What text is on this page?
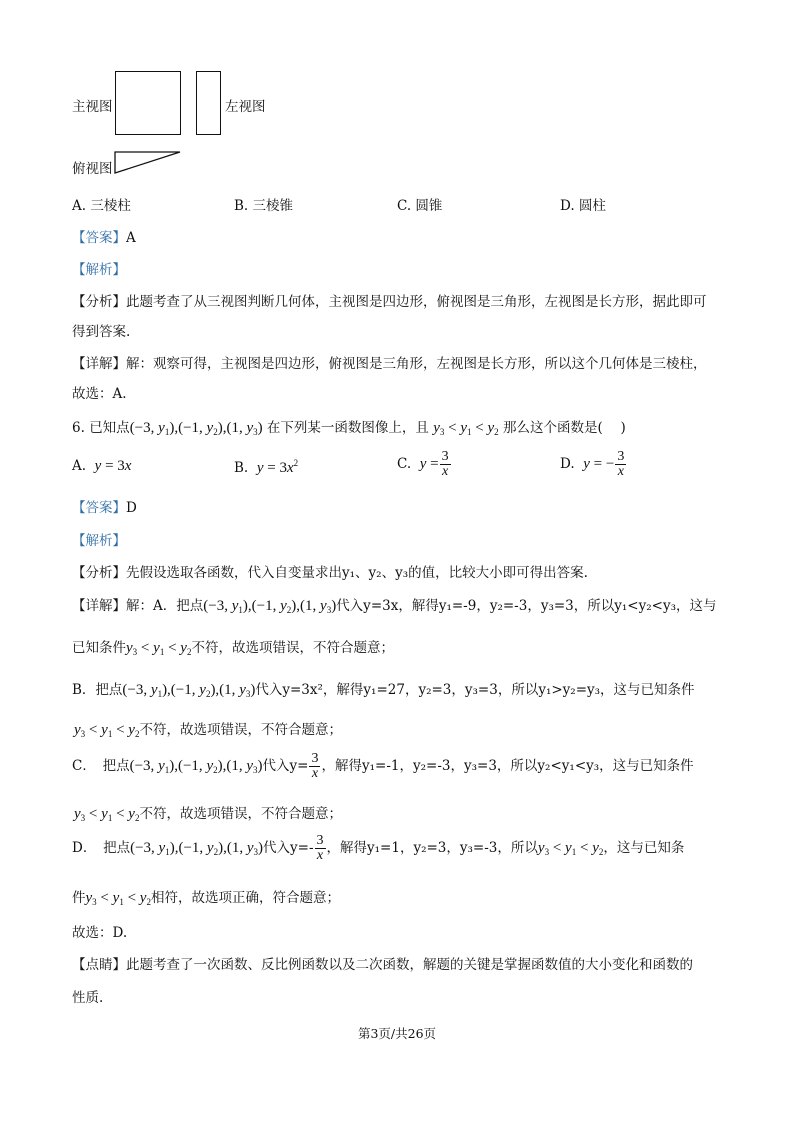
主视图	左视图
俯视图
A. 三棱柱	B. 三棱锥	C. 圆锥	D. 圆柱
【答案】A
【解析】
【分析】此题考查了从三视图判断几何体，主视图是四边形，俯视图是三角形，左视图是长方形，据此即可
得到答案.
【详解】解：观察可得，主视图是四边形，俯视图是三角形，左视图是长方形，所以这个几何体是三棱柱，
故选：A.
6. 已知点(−3, $y_1),(-1$, $y_2),(1$, $y_3$) 在下列某一函数图像上，且 $y_3 < y_1 < y_2$ 那么这个函数是(　 )
A. y = 3x	B. $y = 3x^2$	C. $y = \frac{3}{x}$	D. y = − $\frac{3}{x}$
【答案】D
【解析】
【分析】先假设选取各函数，代入自变量求出y₁、y₂、y₃的值，比较大小即可得出答案.
【详解】解：A．把点(−3, $y_1),(-1$, $y_2),(1$, $y_3$)代入y=3x，解得y₁=-9，y₂=-3，y₃=3，所以y₁<y₂<y₃，这与
已知条件$y_3 < y_1 < y_2$不符，故选项错误，不符合题意；
B．把点(−3, $y_1),(-1$, $y_2),(1$, $y_3$)代入y=3x²，解得y₁=27，y₂=3，y₃=3，所以y₁>y₂=y₃，这与已知条件
$y_3 < y_1 < y_2$不符，故选项错误，不符合题意；
C．　把点(−3, $y_1),(-1$, $y_2),(1$, $y_3$)代入$y= \frac{3}{x}$ ，解得y₁=-1，y₂=-3，y₃=3，所以y₂<y₁<y₃，这与已知条件
$y_3 < y_1 < y_2$不符，故选项错误，不符合题意；
D．　把点(−3, $y_1),(-1$, $y_2),(1$, $y_3$)代入$y=- \frac{3}{x}$ ，解得y₁=1，y₂=3，y₃=-3，所以$y_3 < y_1 < y_2$，这与已知条
件$y_3 < y_1 < y_2$相符，故选项正确，符合题意；
故选：D.
【点睛】此题考查了一次函数、反比例函数以及二次函数，解题的关键是掌握函数值的大小变化和函数的
性质.
第3页/共26页
